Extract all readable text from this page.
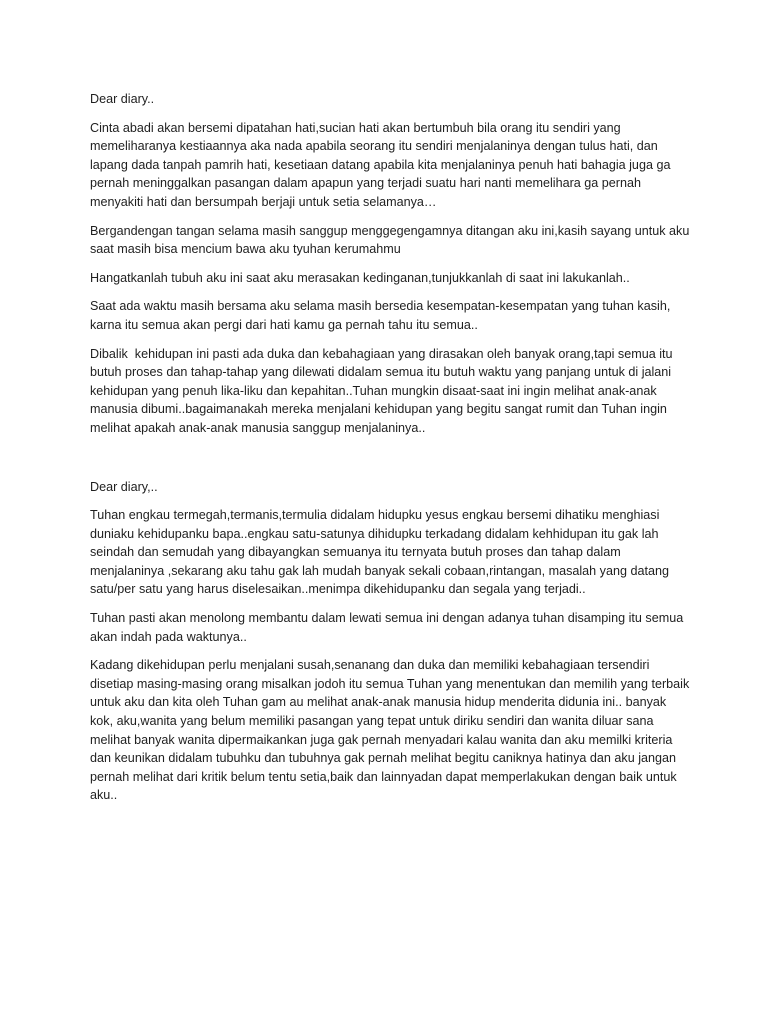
Dear diary..

Cinta abadi akan bersemi dipatahan hati,sucian hati akan bertumbuh bila orang itu sendiri yang memeliharanya kestiaannya aka nada apabila seorang itu sendiri menjalaninya dengan tulus hati, dan lapang dada tanpah pamrih hati, kesetiaan datang apabila kita menjalaninya penuh hati bahagia juga ga pernah meninggalkan pasangan dalam apapun yang terjadi suatu hari nanti memelihara ga pernah menyakiti hati dan bersumpah berjaji untuk setia selamanya…

Bergandengan tangan selama masih sanggup menggegengamnya ditangan aku ini,kasih sayang untuk aku saat masih bisa mencium bawa aku tyuhan kerumahmu

Hangatkanlah tubuh aku ini saat aku merasakan kedinganan,tunjukkanlah di saat ini lakukanlah..

Saat ada waktu masih bersama aku selama masih bersedia kesempatan-kesempatan yang tuhan kasih, karna itu semua akan pergi dari hati kamu ga pernah tahu itu semua..

Dibalik  kehidupan ini pasti ada duka dan kebahagiaan yang dirasakan oleh banyak orang,tapi semua itu butuh proses dan tahap-tahap yang dilewati didalam semua itu butuh waktu yang panjang untuk di jalani kehidupan yang penuh lika-liku dan kepahitan..Tuhan mungkin disaat-saat ini ingin melihat anak-anak manusia dibumi..bagaimanakah mereka menjalani kehidupan yang begitu sangat rumit dan Tuhan ingin melihat apakah anak-anak manusia sanggup menjalaninya..

Dear diary,..

Tuhan engkau termegah,termanis,termulia didalam hidupku yesus engkau bersemi dihatiku menghiasi duniaku kehidupanku bapa..engkau satu-satunya dihidupku terkadang didalam kehhidupan itu gak lah seindah dan semudah yang dibayangkan semuanya itu ternyata butuh proses dan tahap dalam menjalaninya ,sekarang aku tahu gak lah mudah banyak sekali cobaan,rintangan, masalah yang datang satu/per satu yang harus diselesaikan..menimpa dikehidupanku dan segala yang terjadi..

Tuhan pasti akan menolong membantu dalam lewati semua ini dengan adanya tuhan disamping itu semua akan indah pada waktunya..

Kadang dikehidupan perlu menjalani susah,senanang dan duka dan memiliki kebahagiaan tersendiri disetiap masing-masing orang misalkan jodoh itu semua Tuhan yang menentukan dan memilih yang terbaik untuk aku dan kita oleh Tuhan gam au melihat anak-anak manusia hidup menderita didunia ini.. banyak kok, aku,wanita yang belum memiliki pasangan yang tepat untuk diriku sendiri dan wanita diluar sana melihat banyak wanita dipermaikankan juga gak pernah menyadari kalau wanita dan aku memilki kriteria dan keunikan didalam tubuhku dan tubuhnya gak pernah melihat begitu caniknya hatinya dan aku jangan pernah melihat dari kritik belum tentu setia,baik dan lainnyadan dapat memperlakukan dengan baik untuk aku..
